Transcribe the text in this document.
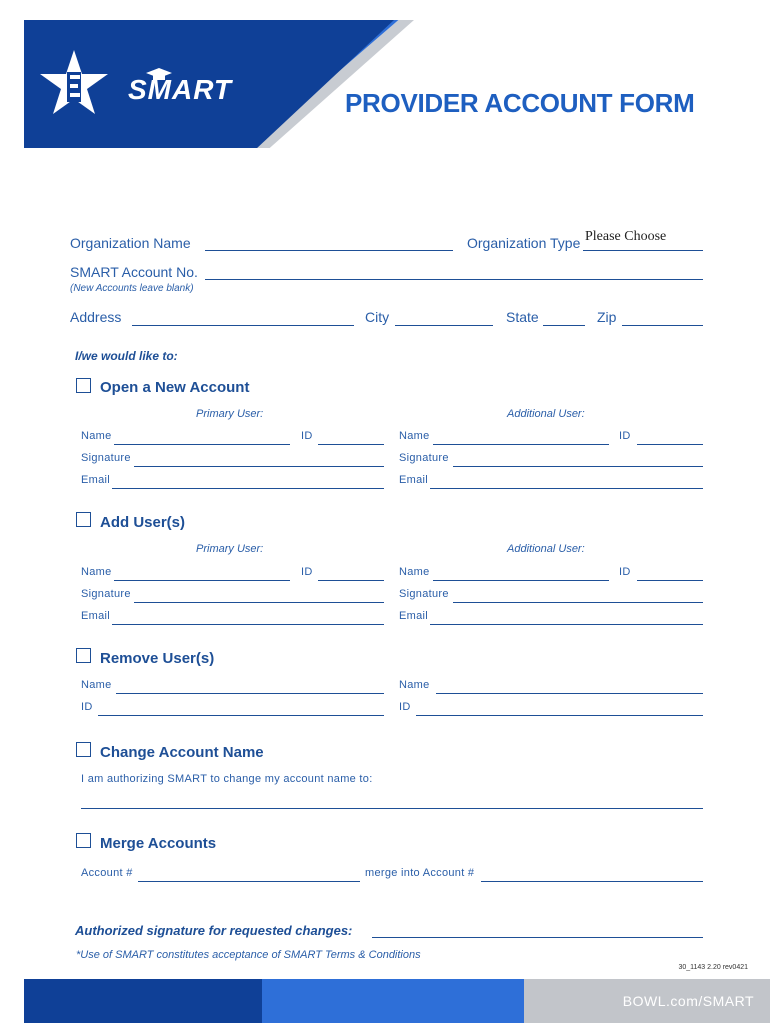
SMART	PROVIDER ACCOUNT FORM
Organization Name	Organization Type Please Choose
SMART Account No.
(New Accounts leave blank)
Address	City	State	Zip
I/we would like to:
Open a New Account
Primary User:	Additional User:
Name	ID	Name	ID
Signature	Signature
Email	Email
Add User(s)
Primary User:	Additional User:
Name	ID	Name	ID
Signature	Signature
Email	Email
Remove User(s)
Name	Name
ID	ID
Change Account Name
I am authorizing SMART to change my account name to:
Merge Accounts
Account #	merge into Account #
Authorized signature for requested changes:
*Use of SMART constitutes acceptance of SMART Terms & Conditions
30_1143 2.20 rev0421
BOWL.com/SMART
